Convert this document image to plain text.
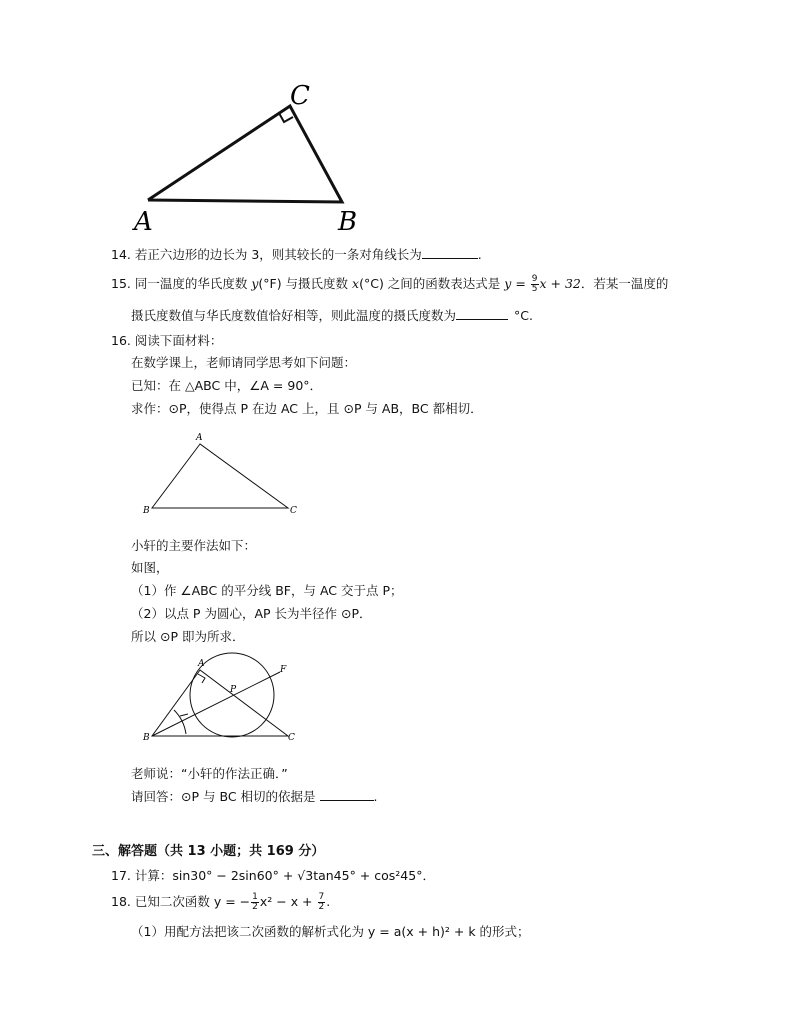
C
A	B
14. 若正六边形的边长为 3，则其较长的一条对角线长为	.
15. 同一温度的华氏度数 y(°F) 与摄氏度数 x(°C) 之间的函数表达式是 $y = \frac{9}{5}$ x + 32．若某一温度的
摄氏度数值与华氏度数值恰好相等，则此温度的摄氏度数为	°C.
16. 阅读下面材料：
在数学课上，老师请同学思考如下问题：
已知：在 △ABC 中，∠A = 90°．
求作：⊙P，使得点 P 在边 AC 上，且 ⊙P 与 AB，BC 都相切．
A
B	C
小轩的主要作法如下：
如图，
（1）作 ∠ABC 的平分线 BF，与 AC 交于点 P；
（2）以点 P 为圆心，AP 长为半径作 ⊙P．
所以 ⊙P 即为所求．
A
B	C
F
P
老师说：“小轩的作法正确．”
请回答：⊙P 与 BC 相切的依据是	.
三、解答题（共 13 小题；共 169 分）
17. 计算：sin30° − 2sin60° + √3tan45° + cos²45°．
18. 已知二次函数 y = − $\frac{1}{2} x^2 - x + \frac{7}{2}$ .
（1）用配方法把该二次函数的解析式化为 y = a(x + h)² + k 的形式；
